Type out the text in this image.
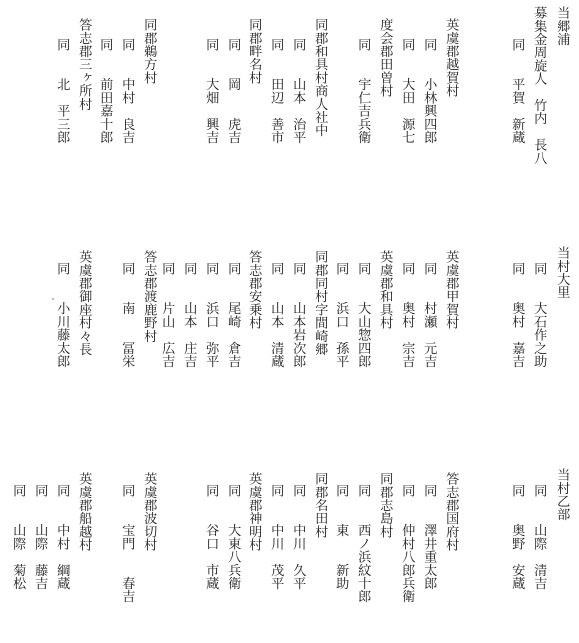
当郷浦
募集金周旋人　竹内　長八
同　　平賀　新蔵
英虞郡越賀村
同　　小林興四郎
同　　大田　源七
度会郡田曽村
同　　宇仁吉兵衛
同郡和具村商人社中
同　　山本　治平
同　　田辺　善市
同郡畔名村
同　　岡　　虎吉
同　　大畑　興吉
同郡鵜方村
同　　中村　良吉
同　　前田嘉十郎
答志郡三ヶ所村
同　　北　平三郎
当村大里
同　　大石作之助
同　　奥村　嘉吉
英虞郡甲賀村
同　　村瀬　元吉
同　　奥村　宗吉
英虞郡和具村
同　　大山惣四郎
同　　浜口　孫平
同郡同村字間崎郷
同　　山本岩次郎
同　　山本　清蔵
答志郡安乗村
同　　尾崎　倉吉
同　　浜口　弥平
同　　山本　庄吉
同　　片山　広吉
答志郡渡鹿野村
同　　南　　冨栄
英虞郡御座村々長
同　　小川藤太郎
当村乙部
同　　山際　清吉
同　　奥野　安蔵
答志郡国府村
同　　澤井重太郎
同　　仲村八郎兵衛
同郡志島村
同　　西ノ浜紋十郎
同　　東　　新助
同郡名田村
同　　中川　久平
同　　中川　茂平
英虞郡神明村
同　　大東八兵衛
同　　谷口　市蔵
英虞郡波切村
同　　宝門　　春吉
英虞郡船越村
同　　中村　綱蔵
同　　山際　藤吉
同　　山際　菊松
